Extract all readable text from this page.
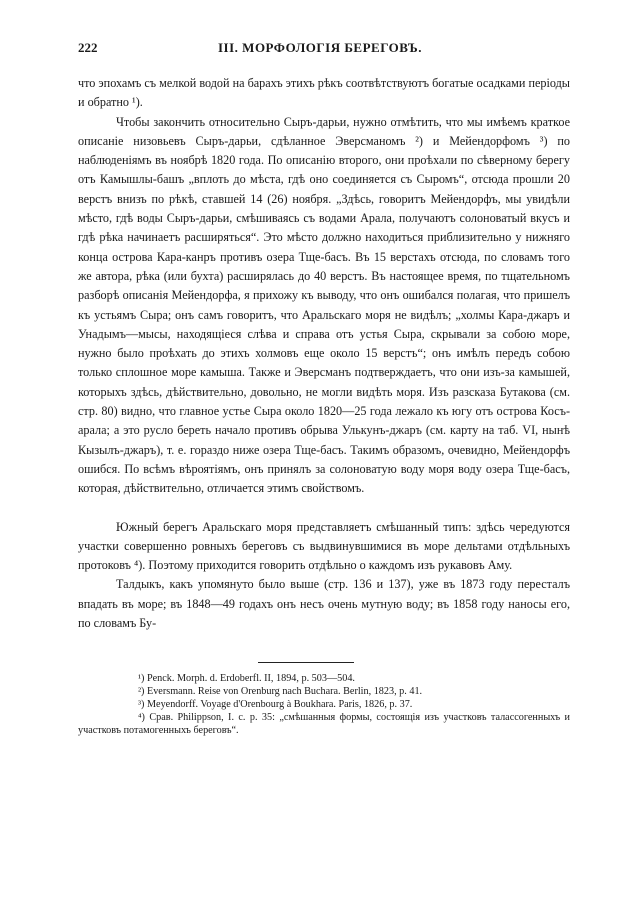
222	III. МОРФОЛОГІЯ БЕРЕГОВЪ.

что эпохамъ съ мелкой водой на барахъ этихъ рѣкъ соотвѣтствуютъ богатые осадками періоды и обратно ¹).

Чтобы закончить относительно Сыръ-дарьи, нужно отмѣтить, что мы имѣемъ краткое описаніе низовьевъ Сыръ-дарьи, сдѣланное Эверсманомъ ²) и Мейендорфомъ ³) по наблюденіямъ въ ноябрѣ 1820 года. По описанію второго, они проѣхали по сѣверному берегу отъ Камышлы-башъ „вплоть до мѣста, гдѣ оно соединяется съ Сыромъ“, отсюда прошли 20 верстъ внизъ по рѣкѣ, ставшей 14 (26) ноября. „Здѣсь, говоритъ Мейендорфъ, мы увидѣли мѣсто, гдѣ воды Сыръ-дарьи, смѣшиваясь съ водами Арала, получаютъ солоноватый вкусъ и гдѣ рѣка начинаетъ расширяться“. Это мѣсто должно находиться приблизительно у нижняго конца острова Кара-канръ противъ озера Тще-басъ. Въ 15 верстахъ отсюда, по словамъ того же автора, рѣка (или бухта) расширялась до 40 верстъ. Въ настоящее время, по тщательномъ разборѣ описанія Мейендорфа, я прихожу къ выводу, что онъ ошибался полагая, что пришелъ къ устьямъ Сыра; онъ самъ говоритъ, что Аральскаго моря не видѣлъ; „холмы Кара-джаръ и Унадымъ—мысы, находящіеся слѣва и справа отъ устья Сыра, скрывали за собою море, нужно было проѣхать до этихъ холмовъ еще около 15 верстъ“; онъ имѣлъ передъ собою только сплошное море камыша. Также и Эверсманъ подтверждаетъ, что они изъ-за камышей, которыхъ здѣсь, дѣйствительно, довольно, не могли видѣть моря. Изъ разсказа Бутакова (см. стр. 80) видно, что главное устье Сыра около 1820—25 года лежало къ югу отъ острова Косъ-арала; а это русло береть начало противъ обрыва Улькунъ-джаръ (см. карту на таб. VI, нынѣ Кызылъ-джаръ), т. е. гораздо ниже озера Тще-басъ. Такимъ образомъ, очевидно, Мейендорфъ ошибся. По всѣмъ вѣроятіямъ, онъ принялъ за солоноватую воду моря воду озера Тще-басъ, которая, дѣйствительно, отличается этимъ свойствомъ.

Южный берегъ Аральскаго моря представляетъ смѣшанный типъ: здѣсь чередуются участки совершенно ровныхъ береговъ съ выдвинувшимися въ море дельтами отдѣльныхъ протоковъ ⁴). Поэтому приходится говорить отдѣльно о каждомъ изъ рукавовъ Аму.

Талдыкъ, какъ упомянуто было выше (стр. 136 и 137), уже въ 1873 году пересталъ впадать въ море; въ 1848—49 годахъ онъ несъ очень мутную воду; въ 1858 году наносы его, по словамъ Бу-

¹) Penck. Morph. d. Erdoberfl. II, 1894, p. 503—504.

²) Eversmann. Reise von Orenburg nach Buchara. Berlin, 1823, p. 41.

³) Meyendorff. Voyage d'Orenbourg à Boukhara. Paris, 1826, p. 37.

⁴) Срав. Philippson, I. c. p. 35: „смѣшанныя формы, состоящія изъ участковъ таласcогенныхъ и участковъ потамогенныхъ береговъ“.
